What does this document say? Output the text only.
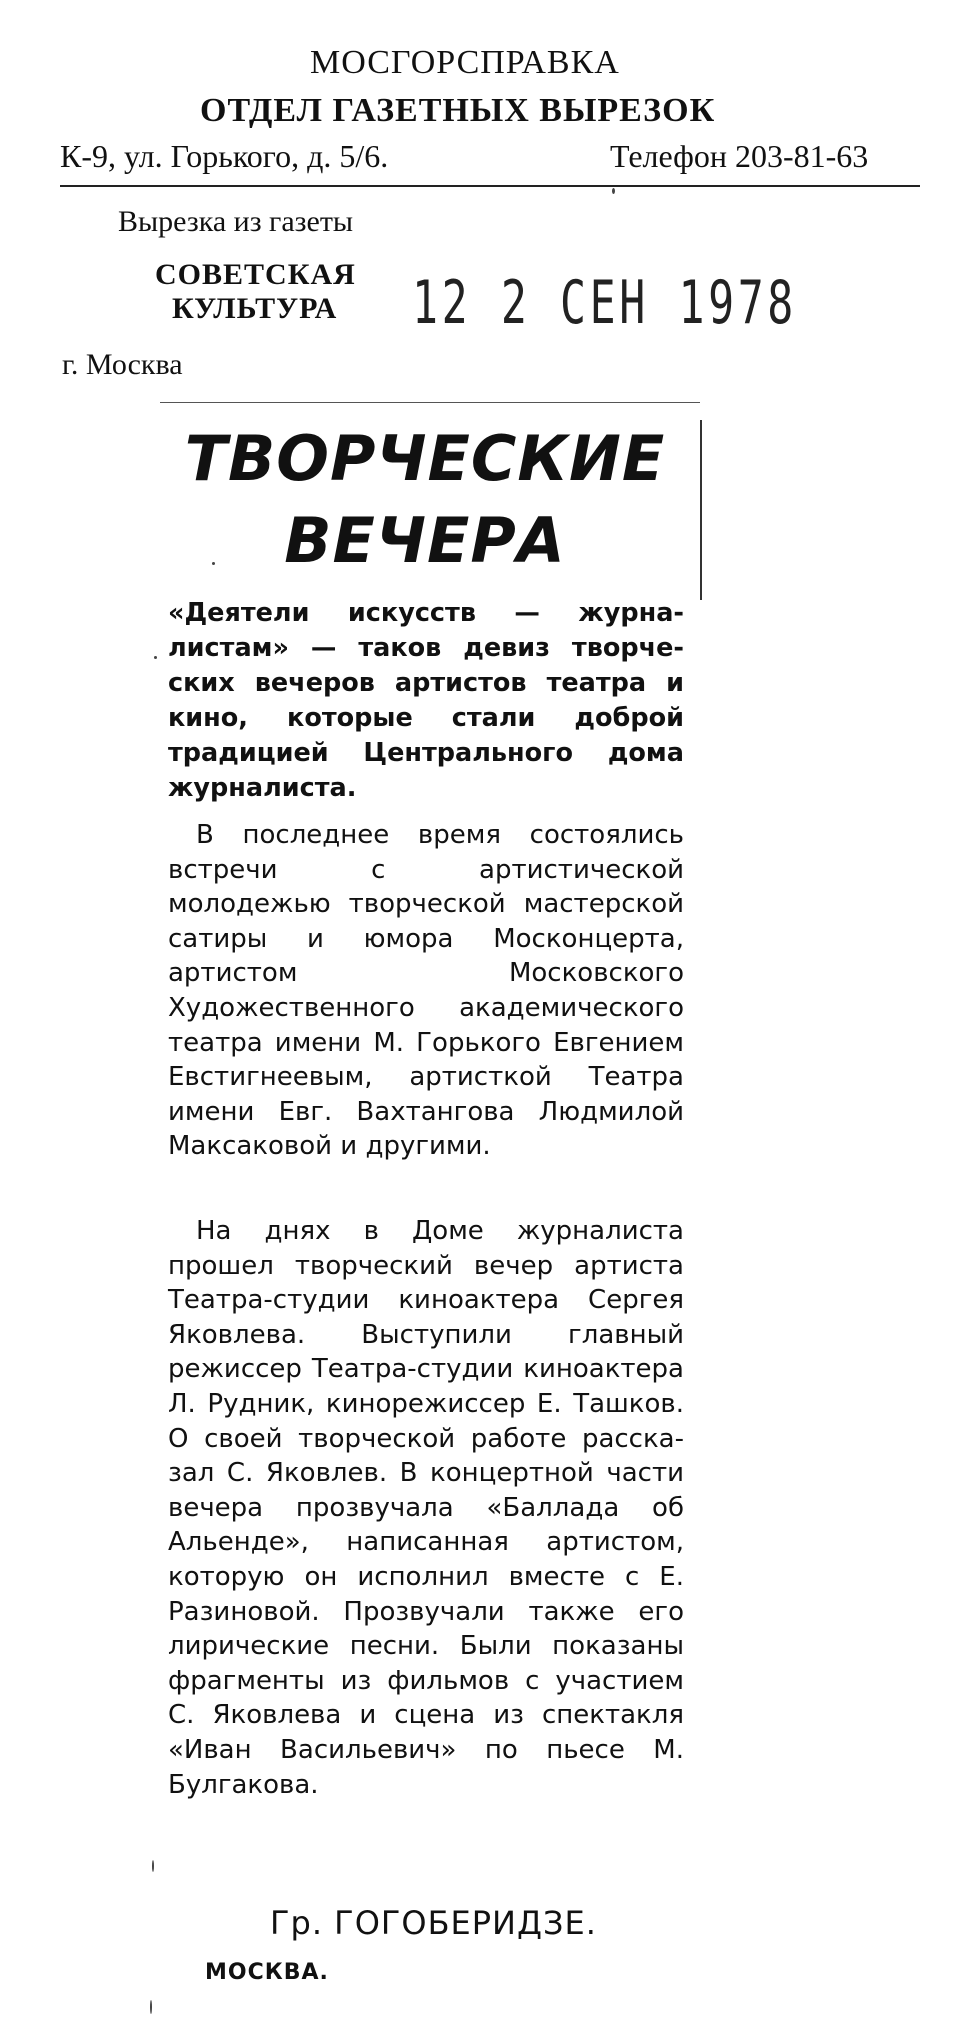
МОСГОРСПРАВКА
ОТДЕЛ ГАЗЕТНЫХ ВЫРЕЗОК
К-9, ул. Горького, д. 5/6.	Телефон 203-81-63
Вырезка из газеты
СОВЕТСКАЯ
КУЛЬТУРА
г. Москва
12 2 СЕН 1978
ТВОРЧЕСКИЕ
ВЕЧЕРА
«Деятели искусств — журналистам» — таков девиз творческих вечеров артистов театра и кино, которые стали доброй традицией Центрального дома журналиста.
В последнее время состоялись встречи с артистической молодежью творческой мастерской сатиры и юмора Москонцерта, артистом Московского Художественного академического театра имени М. Горького Евгением Евстигнеевым, артисткой Театра имени Евг. Вахтангова Людмилой Максаковой и другими.
На днях в Доме журналиста прошел творческий вечер артиста Театра-студии киноактера Сергея Яковлева. Выступили главный режиссер Театра-студии киноактера Л. Рудник, кинорежиссер Е. Ташков. О своей творческой работе рассказал С. Яковлев. В концертной части вечера прозвучала «Баллада об Альенде», написанная артистом, которую он исполнил вместе с Е. Разиновой. Прозвучали также его лирические песни. Были показаны фрагменты из фильмов с участием С. Яковлева и сцена из спектакля «Иван Васильевич» по пьесе М. Булгакова.
Гр. ГОГОБЕРИДЗЕ.
МОСКВА.
